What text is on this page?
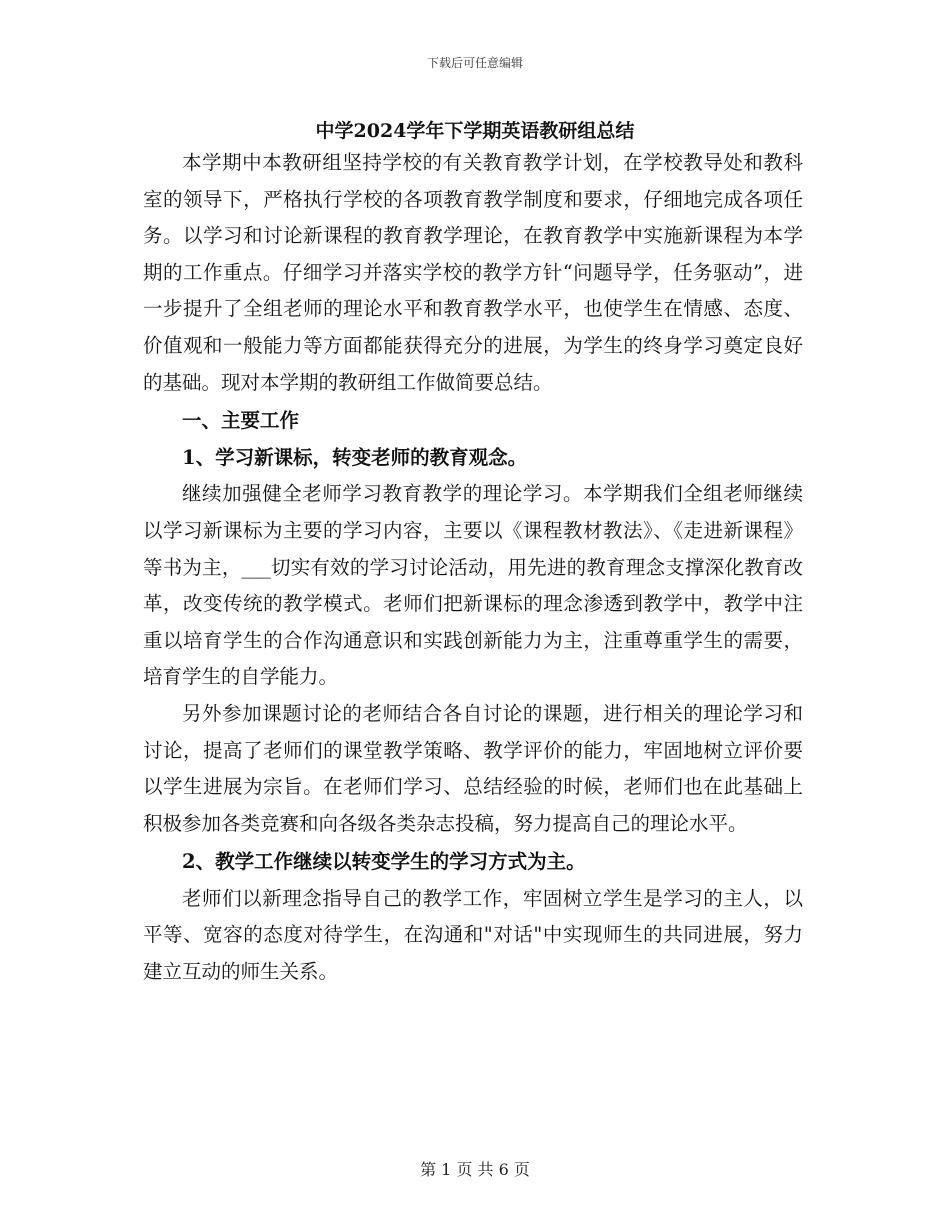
下载后可任意编辑
中学2024学年下学期英语教研组总结

本学期中本教研组坚持学校的有关教育教学计划，在学校教导处和教科室的领导下，严格执行学校的各项教育教学制度和要求，仔细地完成各项任务。以学习和讨论新课程的教育教学理论，在教育教学中实施新课程为本学期的工作重点。仔细学习并落实学校的教学方针“问题导学，任务驱动”，进一步提升了全组老师的理论水平和教育教学水平，也使学生在情感、态度、价值观和一般能力等方面都能获得充分的进展，为学生的终身学习奠定良好的基础。现对本学期的教研组工作做简要总结。

一、主要工作

1、学习新课标，转变老师的教育观念。

继续加强健全老师学习教育教学的理论学习。本学期我们全组老师继续以学习新课标为主要的学习内容，主要以《课程教材教法》、《走进新课程》等书为主，___切实有效的学习讨论活动，用先进的教育理念支撑深化教育改革，改变传统的教学模式。老师们把新课标的理念渗透到教学中，教学中注重以培育学生的合作沟通意识和实践创新能力为主，注重尊重学生的需要，培育学生的自学能力。

另外参加课题讨论的老师结合各自讨论的课题，进行相关的理论学习和讨论，提高了老师们的课堂教学策略、教学评价的能力，牢固地树立评价要以学生进展为宗旨。在老师们学习、总结经验的时候，老师们也在此基础上积极参加各类竞赛和向各级各类杂志投稿，努力提高自己的理论水平。

2、教学工作继续以转变学生的学习方式为主。

老师们以新理念指导自己的教学工作，牢固树立学生是学习的主人，以平等、宽容的态度对待学生，在沟通和"对话"中实现师生的共同进展，努力建立互动的师生关系。

第 1 页 共 6 页
